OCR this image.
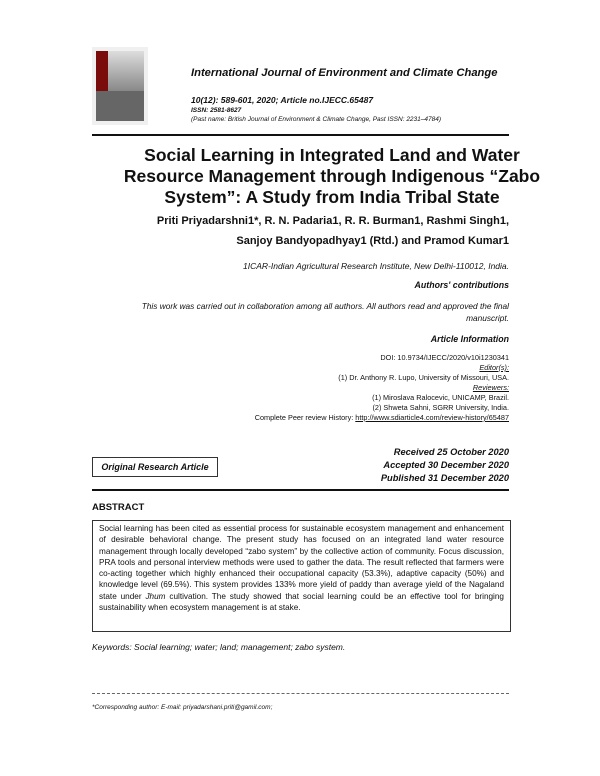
International Journal of Environment and Climate Change
10(12): 589-601, 2020; Article no.IJECC.65487
ISSN: 2581-8627
(Past name: British Journal of Environment & Climate Change, Past ISSN: 2231–4784)
Social Learning in Integrated Land and Water
Resource Management through Indigenous “Zabo
System”: A Study from India Tribal State
Priti Priyadarshni1*, R. N. Padaria1, R. R. Burman1, Rashmi Singh1,
Sanjoy Bandyopadhyay1 (Rtd.) and Pramod Kumar1
1ICAR-Indian Agricultural Research Institute, New Delhi-110012, India.
Authors' contributions
This work was carried out in collaboration among all authors. All authors read and approved the final
manuscript.
Article Information
DOI: 10.9734/IJECC/2020/v10i1230341
Editor(s):
(1) Dr. Anthony R. Lupo, University of Missouri, USA.
Reviewers:
(1) Miroslava Ralocevic, UNICAMP, Brazil.
(2) Shweta Sahni, SGRR University, India.
Complete Peer review History: http://www.sdiarticle4.com/review-history/65487
Original Research Article
Received 25 October 2020
Accepted 30 December 2020
Published 31 December 2020
ABSTRACT
Social learning has been cited as essential process for sustainable ecosystem management and enhancement of desirable behavioral change. The present study has focused on an integrated land water resource management through locally developed “zabo system” by the collective action of community. Focus discussion, PRA tools and personal interview methods were used to gather the data. The result reflected that farmers were co-acting together which highly enhanced their occupational capacity (53.3%), adaptive capacity (50%) and knowledge level (69.5%). This system provides 133% more yield of paddy than average yield of the Nagaland state under Jhum cultivation. The study showed that social learning could be an effective tool for bringing sustainability when ecosystem management is at stake.
Keywords: Social learning; water; land; management; zabo system.
*Corresponding author: E-mail: priyadarshani.priti@gamil.com;
